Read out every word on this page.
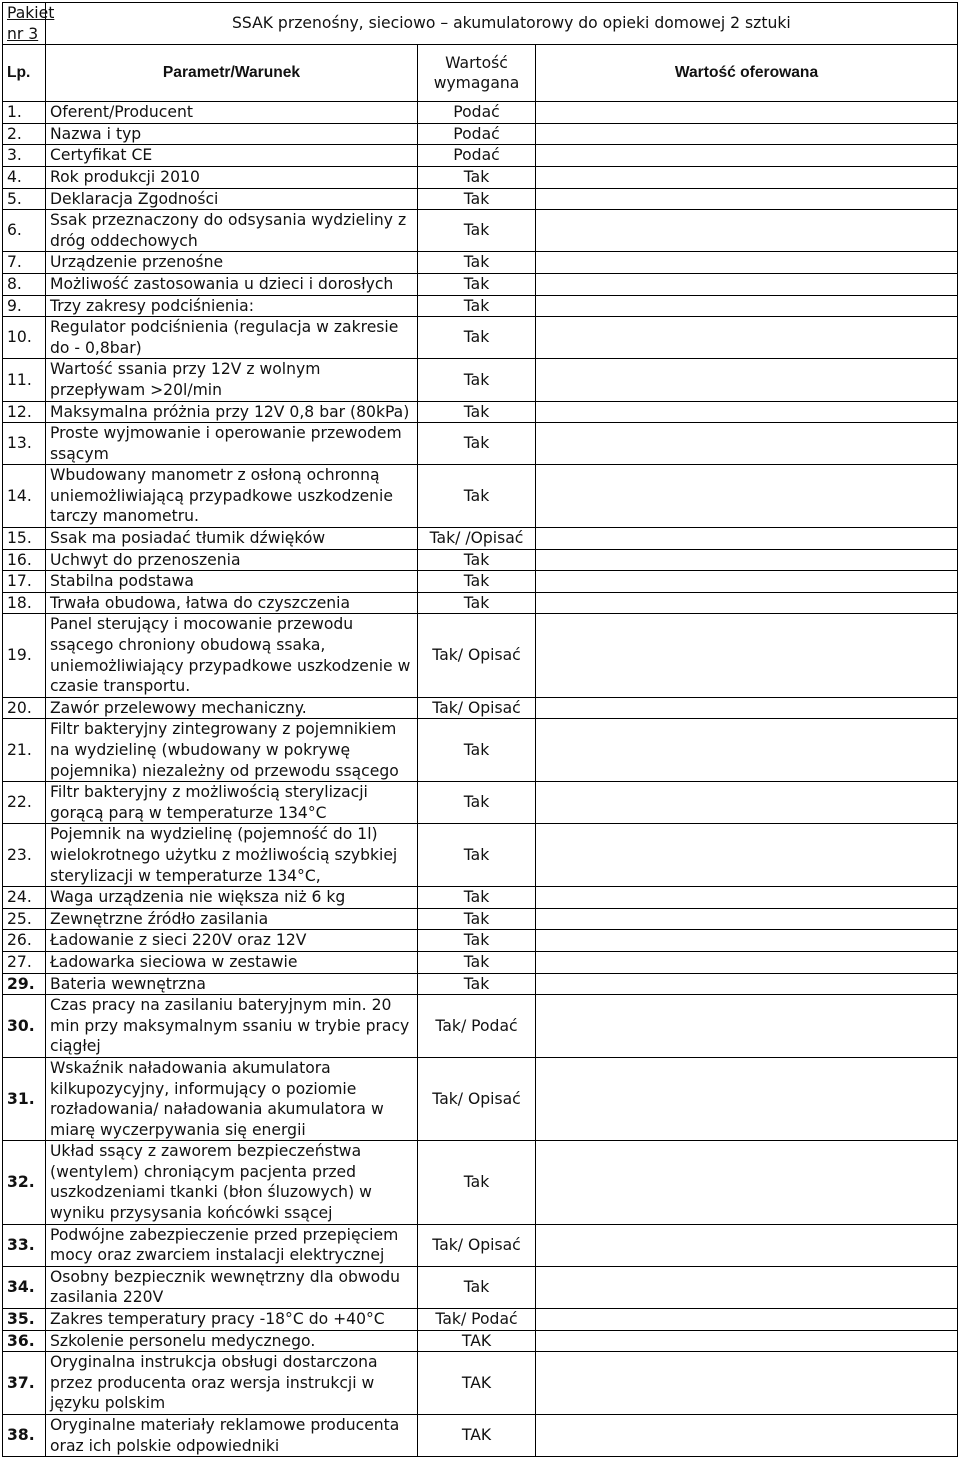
Pakiet nr 3	SSAK przenośny, sieciowo – akumulatorowy do opieki domowej 2 sztuki		
Lp.	Parametr/Warunek	Wartość wymagana	Wartość oferowana
1.	Oferent/Producent	Podać	
2.	Nazwa i typ	Podać	
3.	Certyfikat CE	Podać	
4.	Rok produkcji 2010	Tak	
5.	Deklaracja Zgodności	Tak	
6.	Ssak przeznaczony do odsysania wydzieliny z dróg oddechowych	Tak	
7.	Urządzenie przenośne	Tak	
8.	Możliwość zastosowania u dzieci i dorosłych	Tak	
9.	Trzy zakresy podciśnienia:	Tak	
10.	Regulator podciśnienia (regulacja w zakresie do - 0,8bar)	Tak	
11.	Wartość ssania przy 12V z wolnym przepływam >20l/min	Tak	
12.	Maksymalna próżnia przy 12V 0,8 bar (80kPa)	Tak	
13.	Proste wyjmowanie i operowanie przewodem ssącym	Tak	
14.	Wbudowany manometr z osłoną ochronną uniemożliwiającą przypadkowe uszkodzenie tarczy manometru.	Tak	
15.	Ssak ma posiadać tłumik dźwięków	Tak/ /Opisać	
16.	Uchwyt do przenoszenia	Tak	
17.	Stabilna podstawa	Tak	
18.	Trwała obudowa, łatwa do czyszczenia	Tak	
19.	Panel sterujący i mocowanie przewodu ssącego chroniony obudową ssaka, uniemożliwiający przypadkowe uszkodzenie w czasie transportu.	Tak/ Opisać	
20.	Zawór przelewowy mechaniczny.	Tak/ Opisać	
21.	Filtr bakteryjny zintegrowany z pojemnikiem na wydzielinę (wbudowany w pokrywę pojemnika) niezależny od przewodu ssącego	Tak	
22.	Filtr bakteryjny z możliwością sterylizacji gorącą parą w temperaturze 134°C	Tak	
23.	Pojemnik na wydzielinę (pojemność do 1l) wielokrotnego użytku z możliwością szybkiej sterylizacji w temperaturze 134°C,	Tak	
24.	Waga urządzenia nie większa niż 6 kg	Tak	
25.	Zewnętrzne źródło zasilania	Tak	
26.	Ładowanie z sieci 220V oraz 12V	Tak	
27.	Ładowarka sieciowa w zestawie	Tak	
29.	Bateria wewnętrzna	Tak	
30.	Czas pracy na zasilaniu bateryjnym min. 20 min przy maksymalnym ssaniu w trybie pracy ciągłej	Tak/ Podać	
31.	Wskaźnik naładowania akumulatora kilkupozycyjny, informujący o poziomie rozładowania/ naładowania akumulatora w miarę wyczerpywania się energii	Tak/ Opisać	
32.	Układ ssący z zaworem bezpieczeństwa (wentylem) chroniącym pacjenta przed uszkodzeniami tkanki (błon śluzowych) w wyniku przysysania końcówki ssącej	Tak	
33.	Podwójne zabezpieczenie przed przepięciem mocy oraz zwarciem instalacji elektrycznej	Tak/ Opisać	
34.	Osobny bezpiecznik wewnętrzny dla obwodu zasilania 220V	Tak	
35.	Zakres temperatury pracy -18°C do +40°C	Tak/ Podać	
36.	Szkolenie personelu medycznego.	TAK	
37.	Oryginalna instrukcja obsługi dostarczona przez producenta oraz wersja instrukcji w języku polskim	TAK	
38.	Oryginalne materiały reklamowe producenta oraz ich polskie odpowiedniki	TAK	
